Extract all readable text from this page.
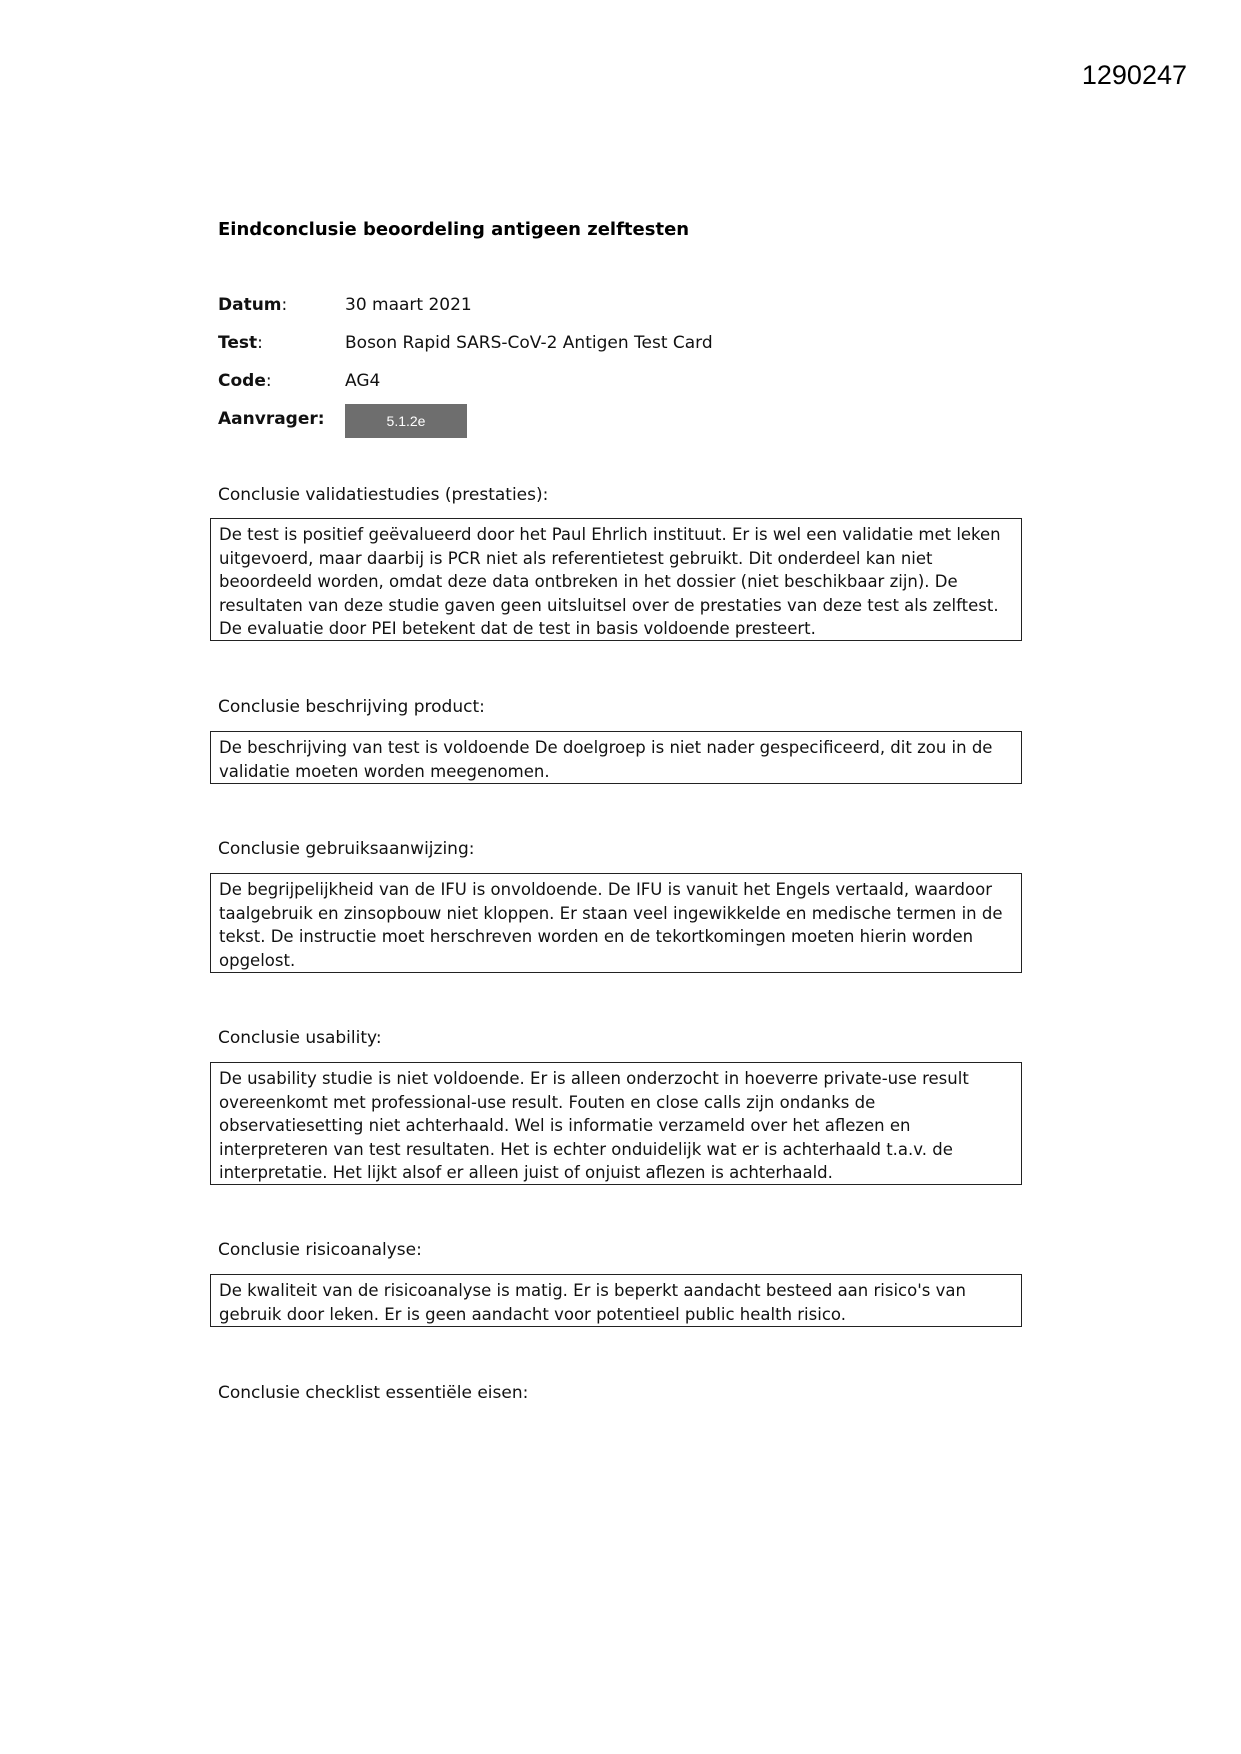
1290247
Eindconclusie beoordeling antigeen zelftesten
Datum:	30 maart 2021
Test:	Boson Rapid SARS-CoV-2 Antigen Test Card
Code:	AG4
Aanvrager:	5.1.2e
Conclusie validatiestudies (prestaties):
De test is positief geëvalueerd door het Paul Ehrlich instituut. Er is wel een validatie met leken uitgevoerd, maar daarbij is PCR niet als referentietest gebruikt. Dit onderdeel kan niet beoordeeld worden, omdat deze data ontbreken in het dossier (niet beschikbaar zijn). De resultaten van deze studie gaven geen uitsluitsel over de prestaties van deze test als zelftest. De evaluatie door PEI betekent dat de test in basis voldoende presteert.
Conclusie beschrijving product:
De beschrijving van test is voldoende De doelgroep is niet nader gespecificeerd, dit zou in de validatie moeten worden meegenomen.
Conclusie gebruiksaanwijzing:
De begrijpelijkheid van de IFU is onvoldoende. De IFU is vanuit het Engels vertaald, waardoor taalgebruik en zinsopbouw niet kloppen. Er staan veel ingewikkelde en medische termen in de tekst. De instructie moet herschreven worden en de tekortkomingen moeten hierin worden opgelost.
Conclusie usability:
De usability studie is niet voldoende. Er is alleen onderzocht in hoeverre private-use result overeenkomt met professional-use result. Fouten en close calls zijn ondanks de observatiesetting niet achterhaald. Wel is informatie verzameld over het aflezen en interpreteren van test resultaten. Het is echter onduidelijk wat er is achterhaald t.a.v. de interpretatie. Het lijkt alsof er alleen juist of onjuist aflezen is achterhaald.
Conclusie risicoanalyse:
De kwaliteit van de risicoanalyse is matig. Er is beperkt aandacht besteed aan risico's van gebruik door leken. Er is geen aandacht voor potentieel public health risico.
Conclusie checklist essentiële eisen:
